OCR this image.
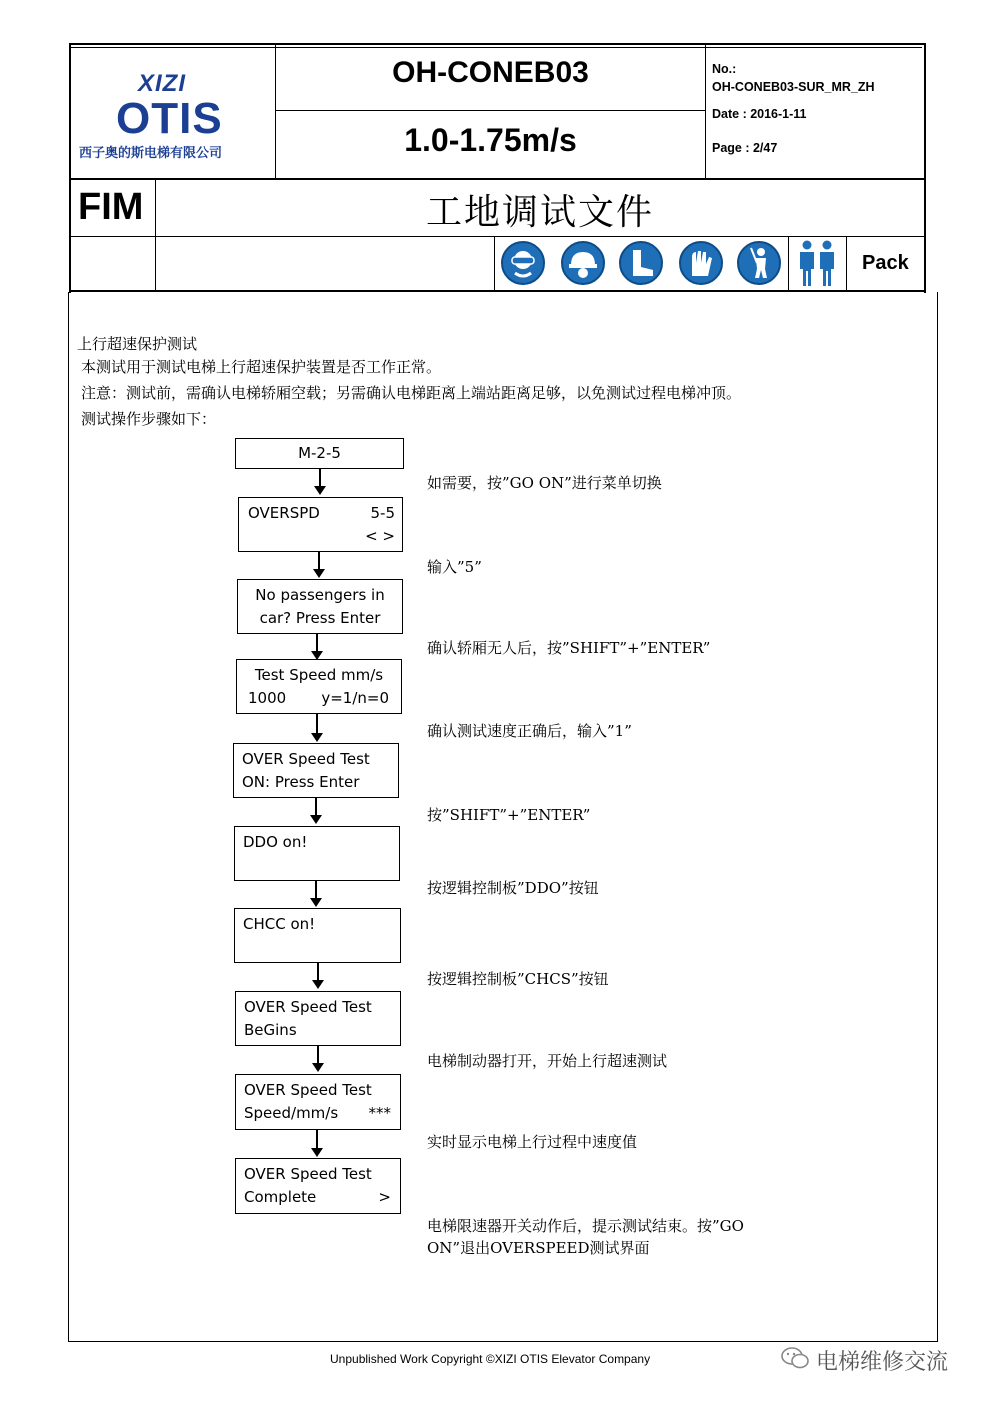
XIZI
OTIS
西子奥的斯电梯有限公司
OH-CONEB03
1.0-1.75m/s
No.:
OH-CONEB03-SUR_MR_ZH
Date : 2016-1-11
Page : 2/47
FIM	工地调试文件
Pack
上行超速保护测试
本测试用于测试电梯上行超速保护装置是否工作正常。
注意：测试前，需确认电梯轿厢空载；另需确认电梯距离上端站距离足够，以免测试过程电梯冲顶。
测试操作步骤如下：
M-2-5
如需要，按”GO ON”进行菜单切换
OVERSPD	5-5
< >
输入”5”
No passengers in
car? Press Enter
确认轿厢无人后，按”SHIFT”+”ENTER”
Test Speed mm/s
1000 y=1/n=0
确认测试速度正确后，输入”1”
OVER Speed Test
ON: Press Enter
按”SHIFT”+”ENTER”
DDO on!
按逻辑控制板”DDO”按钮
CHCC on!
按逻辑控制板”CHCS”按钮
OVER Speed Test
BeGins
电梯制动器打开，开始上行超速测试
OVER Speed Test
Speed/mm/s ***
实时显示电梯上行过程中速度值
OVER Speed Test
Complete	>
电梯限速器开关动作后，提示测试结束。按”GO
ON”退出OVERSPEED测试界面
Unpublished Work Copyright ©XIZI OTIS Elevator Company	电梯维修交流
